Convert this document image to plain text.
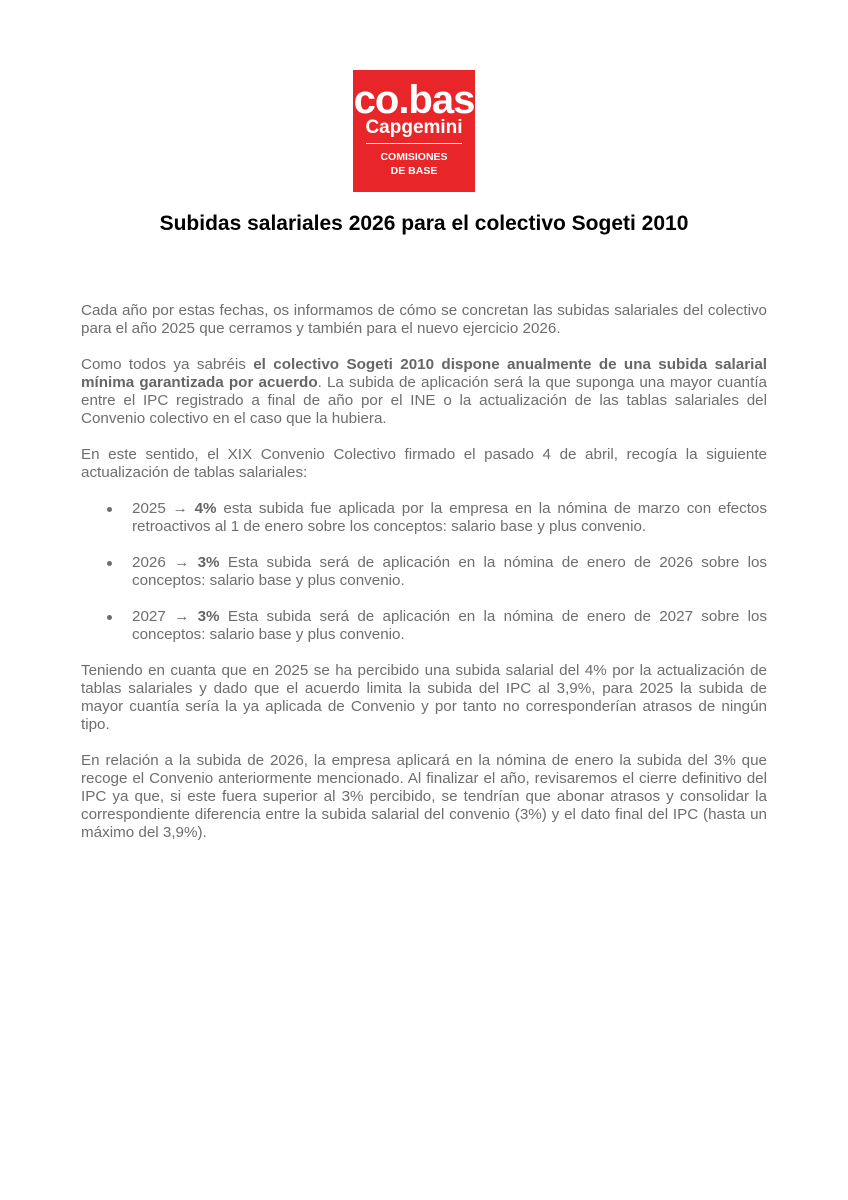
co.bas
Capgemini
COMISIONES
DE BASE
Subidas salariales 2026 para el colectivo Sogeti 2010

Cada año por estas fechas, os informamos de cómo se concretan las subidas salariales del colectivo para el año 2025 que cerramos y también para el nuevo ejercicio 2026.

Como todos ya sabréis el colectivo Sogeti 2010 dispone anualmente de una subida salarial mínima garantizada por acuerdo. La subida de aplicación será la que suponga una mayor cuantía entre el IPC registrado a final de año por el INE o la actualización de las tablas salariales del Convenio colectivo en el caso que la hubiera.

En este sentido, el XIX Convenio Colectivo firmado el pasado 4 de abril, recogía la siguiente actualización de tablas salariales:

2025 → 4% esta subida fue aplicada por la empresa en la nómina de marzo con efectos retroactivos al 1 de enero sobre los conceptos: salario base y plus convenio.
2026 → 3% Esta subida será de aplicación en la nómina de enero de 2026 sobre los conceptos: salario base y plus convenio.
2027 → 3% Esta subida será de aplicación en la nómina de enero de 2027 sobre los conceptos: salario base y plus convenio.

Teniendo en cuanta que en 2025 se ha percibido una subida salarial del 4% por la actualización de tablas salariales y dado que el acuerdo limita la subida del IPC al 3,9%, para 2025 la subida de mayor cuantía sería la ya aplicada de Convenio y por tanto no corresponderían atrasos de ningún tipo.

En relación a la subida de 2026, la empresa aplicará en la nómina de enero la subida del 3% que recoge el Convenio anteriormente mencionado. Al finalizar el año, revisaremos el cierre definitivo del IPC ya que, si este fuera superior al 3% percibido, se tendrían que abonar atrasos y consolidar la correspondiente diferencia entre la subida salarial del convenio (3%) y el dato final del IPC (hasta un máximo del 3,9%).
